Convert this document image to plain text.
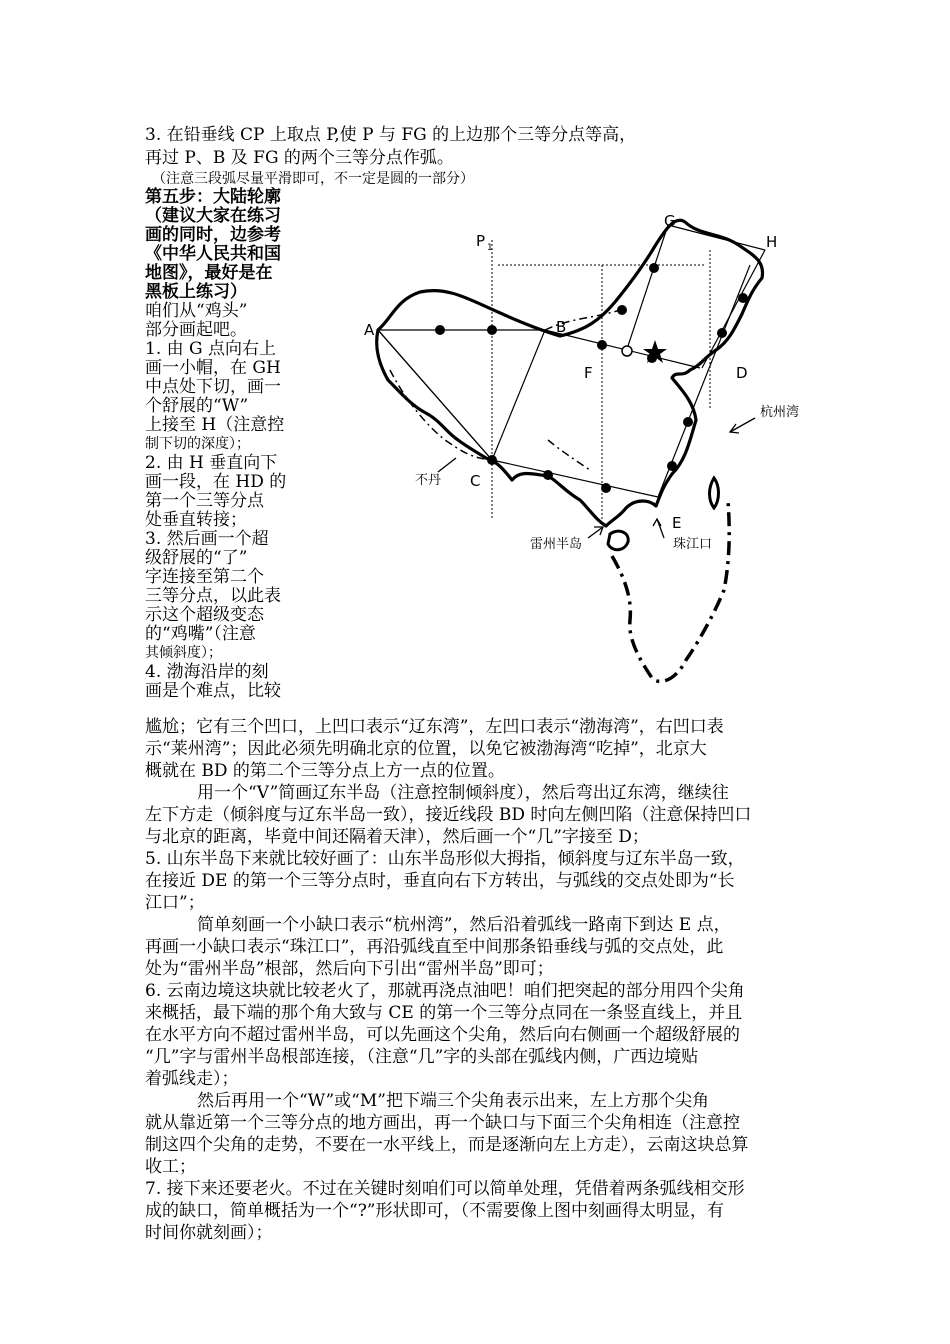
3. 在铅垂线 CP 上取点 P,使 P 与 FG 的上边那个三等分点等高，
再过 P、B 及 FG 的两个三等分点作弧。
（注意三段弧尽量平滑即可，不一定是圆的一部分）
第五步：大陆轮廓
（建议大家在练习
画的同时，边参考
《中华人民共和国
地图》，最好是在
黑板上练习）
咱们从“鸡头”
部分画起吧。
1. 由 G 点向右上
画一小帽，在 GH
中点处下切，画一
个舒展的“W”
上接至 H（注意控
制下切的深度）；
2. 由 H 垂直向下
画一段，在 HD 的
第一个三等分点
处垂直转接；
3. 然后画一个超
级舒展的“了”
字连接至第二个
三等分点，以此表
示这个超级变态
的“鸡嘴”（注意
其倾斜度）；
4. 渤海沿岸的刻
画是个难点，比较
A	B
C
D
E
F
G
H
P 1
杭州湾
不丹
雷州半岛	珠江口
尴尬；它有三个凹口，上凹口表示“辽东湾”，左凹口表示“渤海湾”，右凹口表
示“莱州湾”；因此必须先明确北京的位置，以免它被渤海湾“吃掉”，北京大
概就在 BD 的第二个三等分点上方一点的位置。
用一个“V”简画辽东半岛（注意控制倾斜度），然后弯出辽东湾，继续往
左下方走（倾斜度与辽东半岛一致），接近线段 BD 时向左侧凹陷（注意保持凹口
与北京的距离，毕竟中间还隔着天津），然后画一个“几”字接至 D；
5. 山东半岛下来就比较好画了：山东半岛形似大拇指，倾斜度与辽东半岛一致，
在接近 DE 的第一个三等分点时，垂直向右下方转出，与弧线的交点处即为“长
江口”；
简单刻画一个小缺口表示“杭州湾”，然后沿着弧线一路南下到达 E 点，
再画一小缺口表示“珠江口”，再沿弧线直至中间那条铅垂线与弧的交点处，此
处为“雷州半岛”根部，然后向下引出“雷州半岛”即可；
6. 云南边境这块就比较老火了，那就再浇点油吧！咱们把突起的部分用四个尖角
来概括，最下端的那个角大致与 CE 的第一个三等分点同在一条竖直线上，并且
在水平方向不超过雷州半岛，可以先画这个尖角，然后向右侧画一个超级舒展的
“几”字与雷州半岛根部连接，（注意“几”字的头部在弧线内侧，广西边境贴
着弧线走）；
然后再用一个“W”或“M”把下端三个尖角表示出来，左上方那个尖角
就从靠近第一个三等分点的地方画出，再一个缺口与下面三个尖角相连（注意控
制这四个尖角的走势，不要在一水平线上，而是逐渐向左上方走），云南这块总算
收工；
7. 接下来还要老火。不过在关键时刻咱们可以简单处理，凭借着两条弧线相交形
成的缺口，简单概括为一个“?”形状即可，（不需要像上图中刻画得太明显，有
时间你就刻画）；
